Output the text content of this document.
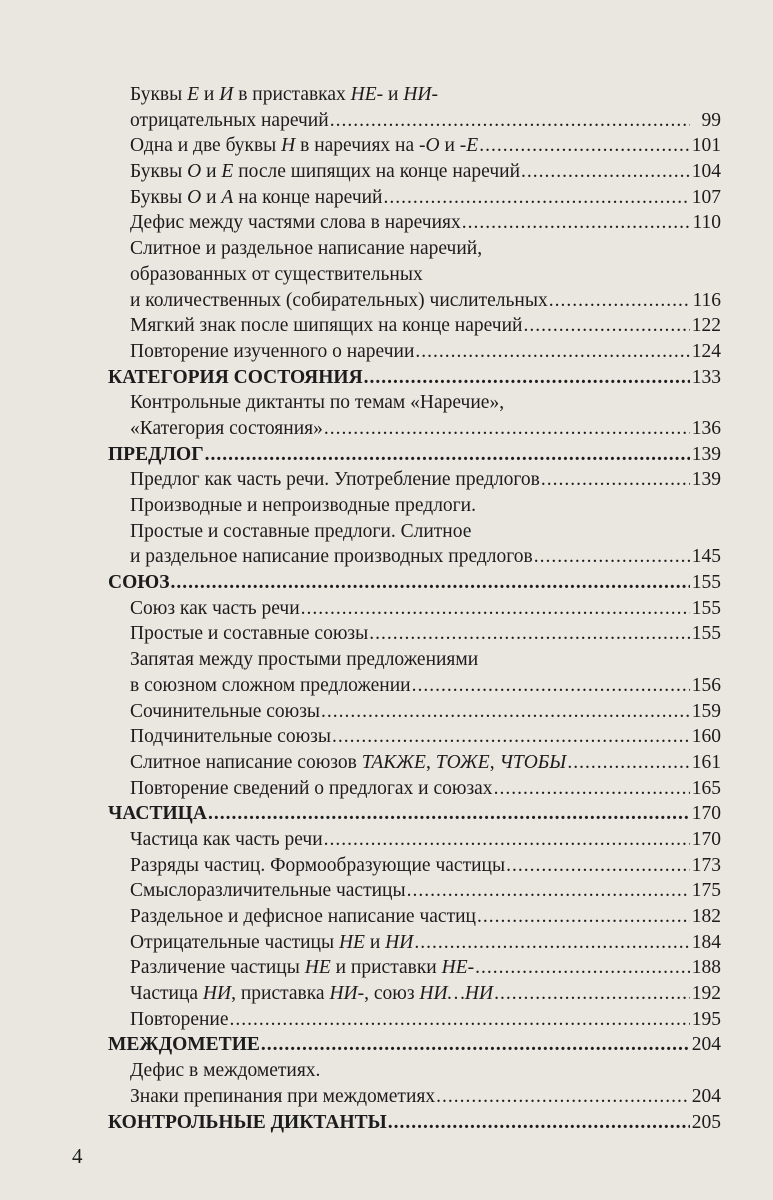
Буквы Е и И в приставках НЕ- и НИ-
отрицательных наречий .....	99
Одна и две буквы Н в наречиях на -О и -Е .....	101
Буквы О и Е после шипящих на конце наречий .....	104
Буквы О и А на конце наречий .....	107
Дефис между частями слова в наречиях .....	110
Слитное и раздельное написание наречий,
образованных от существительных
и количественных (собирательных) числительных .....	116
Мягкий знак после шипящих на конце наречий .....	122
Повторение изученного о наречии .....	124
КАТЕГОРИЯ СОСТОЯНИЯ .....	133
Контрольные диктанты по темам «Наречие»,
«Категория состояния» .....	136
ПРЕДЛОГ .....	139
Предлог как часть речи. Употребление предлогов .....	139
Производные и непроизводные предлоги.
Простые и составные предлоги. Слитное
и раздельное написание производных предлогов .....	145
СОЮЗ .....	155
Союз как часть речи .....	155
Простые и составные союзы .....	155
Запятая между простыми предложениями
в союзном сложном предложении .....	156
Сочинительные союзы .....	159
Подчинительные союзы .....	160
Слитное написание союзов ТАКЖЕ, ТОЖЕ, ЧТОБЫ .....	161
Повторение сведений о предлогах и союзах .....	165
ЧАСТИЦА .....	170
Частица как часть речи .....	170
Разряды частиц. Формообразующие частицы .....	173
Смыслоразличительные частицы .....	175
Раздельное и дефисное написание частиц .....	182
Отрицательные частицы НЕ и НИ .....	184
Различение частицы НЕ и приставки НЕ- .....	188
Частица НИ, приставка НИ-, союз НИ…НИ .....	192
Повторение .....	195
МЕЖДОМЕТИЕ .....	204
Дефис в междометиях.
Знаки препинания при междометиях .....	204
КОНТРОЛЬНЫЕ ДИКТАНТЫ .....	205
4
